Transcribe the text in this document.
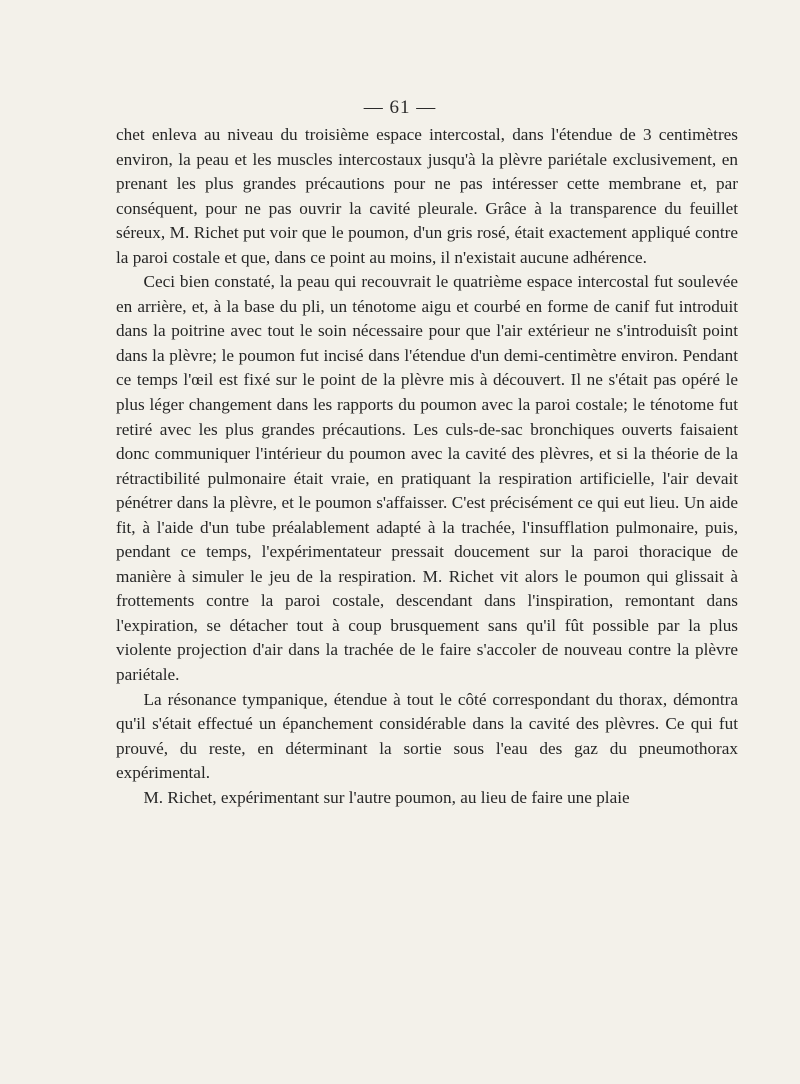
— 61 —

chet enleva au niveau du troisième espace intercostal, dans l'étendue de 3 centimètres environ, la peau et les muscles intercostaux jusqu'à la plèvre pariétale exclusivement, en prenant les plus grandes précautions pour ne pas intéresser cette membrane et, par conséquent, pour ne pas ouvrir la cavité pleurale. Grâce à la transparence du feuillet séreux, M. Richet put voir que le poumon, d'un gris rosé, était exactement appliqué contre la paroi costale et que, dans ce point au moins, il n'existait aucune adhérence.

Ceci bien constaté, la peau qui recouvrait le quatrième espace intercostal fut soulevée en arrière, et, à la base du pli, un ténotome aigu et courbé en forme de canif fut introduit dans la poitrine avec tout le soin nécessaire pour que l'air extérieur ne s'introduisît point dans la plèvre; le poumon fut incisé dans l'étendue d'un demi-centimètre environ. Pendant ce temps l'œil est fixé sur le point de la plèvre mis à découvert. Il ne s'était pas opéré le plus léger changement dans les rapports du poumon avec la paroi costale; le ténotome fut retiré avec les plus grandes précautions. Les culs-de-sac bronchiques ouverts faisaient donc communiquer l'intérieur du poumon avec la cavité des plèvres, et si la théorie de la rétractibilité pulmonaire était vraie, en pratiquant la respiration artificielle, l'air devait pénétrer dans la plèvre, et le poumon s'affaisser. C'est précisément ce qui eut lieu. Un aide fit, à l'aide d'un tube préalablement adapté à la trachée, l'insufflation pulmonaire, puis, pendant ce temps, l'expérimentateur pressait doucement sur la paroi thoracique de manière à simuler le jeu de la respiration. M. Richet vit alors le poumon qui glissait à frottements contre la paroi costale, descendant dans l'inspiration, remontant dans l'expiration, se détacher tout à coup brusquement sans qu'il fût possible par la plus violente projection d'air dans la trachée de le faire s'accoler de nouveau contre la plèvre pariétale.

La résonance tympanique, étendue à tout le côté correspondant du thorax, démontra qu'il s'était effectué un épanchement considérable dans la cavité des plèvres. Ce qui fut prouvé, du reste, en déterminant la sortie sous l'eau des gaz du pneumothorax expérimental.

M. Richet, expérimentant sur l'autre poumon, au lieu de faire une plaie
